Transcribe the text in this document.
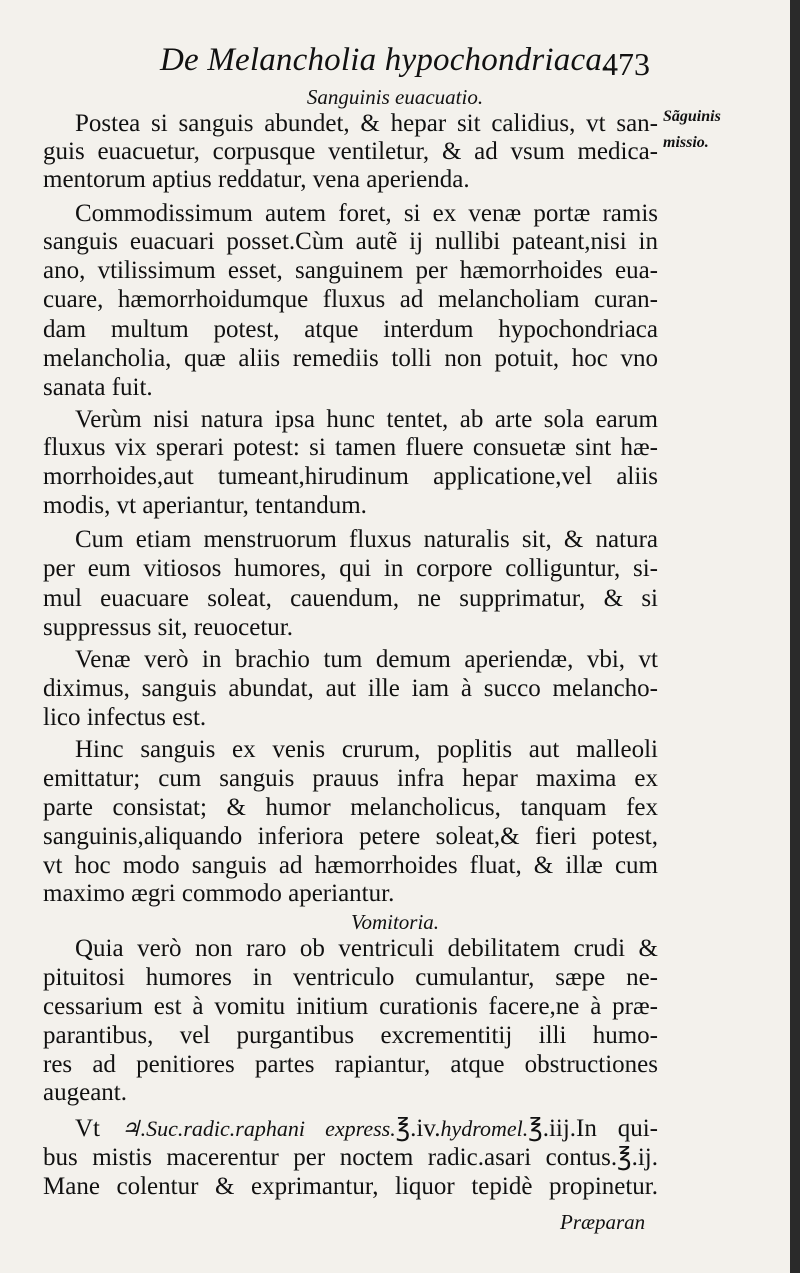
De Melancholia hypochondriaca.
473
Sanguinis euacuatio.
Sãguinis
missio.
Postea si sanguis abundet, & hepar sit calidius, vt san-
guis euacuetur, corpusque ventiletur, & ad vsum medica-
mentorum aptius reddatur, vena aperienda.
Commodissimum autem foret, si ex venæ portæ ramis
sanguis euacuari posset.Cùm autẽ ij nullibi pateant,nisi in
ano, vtilissimum esset, sanguinem per hæmorrhoides eua-
cuare, hæmorrhoidumque fluxus ad melancholiam curan-
dam multum potest, atque interdum hypochondriaca
melancholia, quæ aliis remediis tolli non potuit, hoc vno
sanata fuit.
Verùm nisi natura ipsa hunc tentet, ab arte sola earum
fluxus vix sperari potest: si tamen fluere consuetæ sint hæ-
morrhoides,aut tumeant,hirudinum applicatione,vel aliis
modis, vt aperiantur, tentandum.
Cum etiam menstruorum fluxus naturalis sit, & natura
per eum vitiosos humores, qui in corpore colliguntur, si-
mul euacuare soleat, cauendum, ne supprimatur, & si
suppressus sit, reuocetur.
Venæ verò in brachio tum demum aperiendæ, vbi, vt
diximus, sanguis abundat, aut ille iam à succo melancho-
lico infectus est.
Hinc sanguis ex venis crurum, poplitis aut malleoli
emittatur; cum sanguis prauus infra hepar maxima ex
parte consistat; & humor melancholicus, tanquam fex
sanguinis,aliquando inferiora petere soleat,& fieri potest,
vt hoc modo sanguis ad hæmorrhoides fluat, & illæ cum
maximo ægri commodo aperiantur.
Vomitoria.
Quia verò non raro ob ventriculi debilitatem crudi &
pituitosi humores in ventriculo cumulantur, sæpe ne-
cessarium est à vomitu initium curationis facere,ne à præ-
parantibus, vel purgantibus excrementitij illi humo-
res ad penitiores partes rapiantur, atque obstructiones
augeant.
Vt ♃.Suc.radic.raphani express.℥.iv.hydromel.℥.iij.In qui-
bus mistis macerentur per noctem radic.asari contus.℥.ij.
Mane colentur & exprimantur, liquor tepidè propinetur.
Præparan
